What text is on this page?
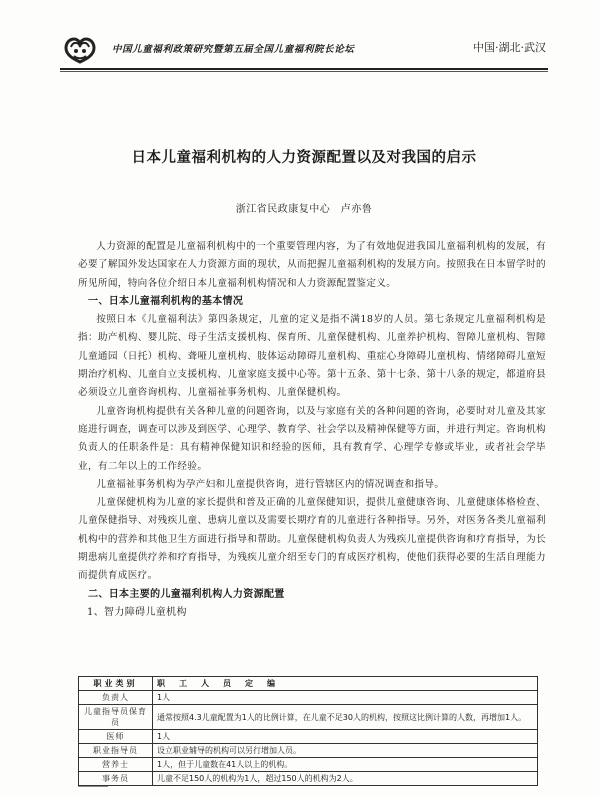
中国儿童福利政策研究暨第五届全国儿童福利院长论坛	中国·湖北·武汉
日本儿童福利机构的人力资源配置以及对我国的启示
浙江省民政康复中心　卢亦鲁

人力资源的配置是儿童福利机构中的一个重要管理内容，为了有效地促进我国儿童福利机构的发展，有必要了解国外发达国家在人力资源方面的现状，从而把握儿童福利机构的发展方向。按照我在日本留学时的所见所闻，特向各位介绍日本儿童福利机构情况和人力资源配置鉴定义。

一、日本儿童福利机构的基本情况

按照日本《儿童福利法》第四条规定，儿童的定义是指不满18岁的人员。第七条规定儿童福利机构是指：助产机构、婴儿院、母子生活支援机构、保育所、儿童保健机构、儿童养护机构、智障儿童机构、智障儿童通园（日托）机构、聋哑儿童机构、肢体运动障碍儿童机构、重症心身障碍儿童机构、情绪障碍儿童短期治疗机构、儿童自立支援机构、儿童家庭支援中心等。第十五条、第十七条、第十八条的规定，都道府县必须设立儿童咨询机构、儿童福祉事务机构、儿童保健机构。

儿童咨询机构提供有关各种儿童的问题咨询，以及与家庭有关的各种问题的咨询，必要时对儿童及其家庭进行调查，调查可以涉及到医学、心理学、教育学、社会学以及精神保健等方面，并进行判定。咨询机构负责人的任职条件是：具有精神保健知识和经验的医师，具有教育学、心理学专修或毕业，或者社会学毕业，有二年以上的工作经验。

儿童福祉事务机构为孕产妇和儿童提供咨询，进行管辖区内的情况调查和指导。

儿童保健机构为儿童的家长提供和普及正确的儿童保健知识，提供儿童健康咨询、儿童健康体格检查、儿童保健指导、对残疾儿童、患病儿童以及需要长期疗育的儿童进行各种指导。另外，对医务各类儿童福利机构中的营养和其他卫生方面进行指导和帮助。儿童保健机构负责人为残疾儿童提供咨询和疗育指导，为长期患病儿童提供疗养和疗育指导，为残疾儿童介绍至专门的育成医疗机构，使他们获得必要的生活自理能力而提供育成医疗。

二、日本主要的儿童福利机构人力资源配置

1、智力障碍儿童机构

职业类别	职　工　人　员　定　编
负责人	1人
儿童指导员保育员	通常按照4.3儿童配置为1人的比例计算，在儿童不足30人的机构，按照这比例计算的人数，再增加1人。
医师	1人
职业指导员	设立职业辅导的机构可以另行增加人员。
营养士	1人，但于儿童数在41人以上的机构。
事务员	儿童不足150人的机构为1人，超过150人的机构为2人。
